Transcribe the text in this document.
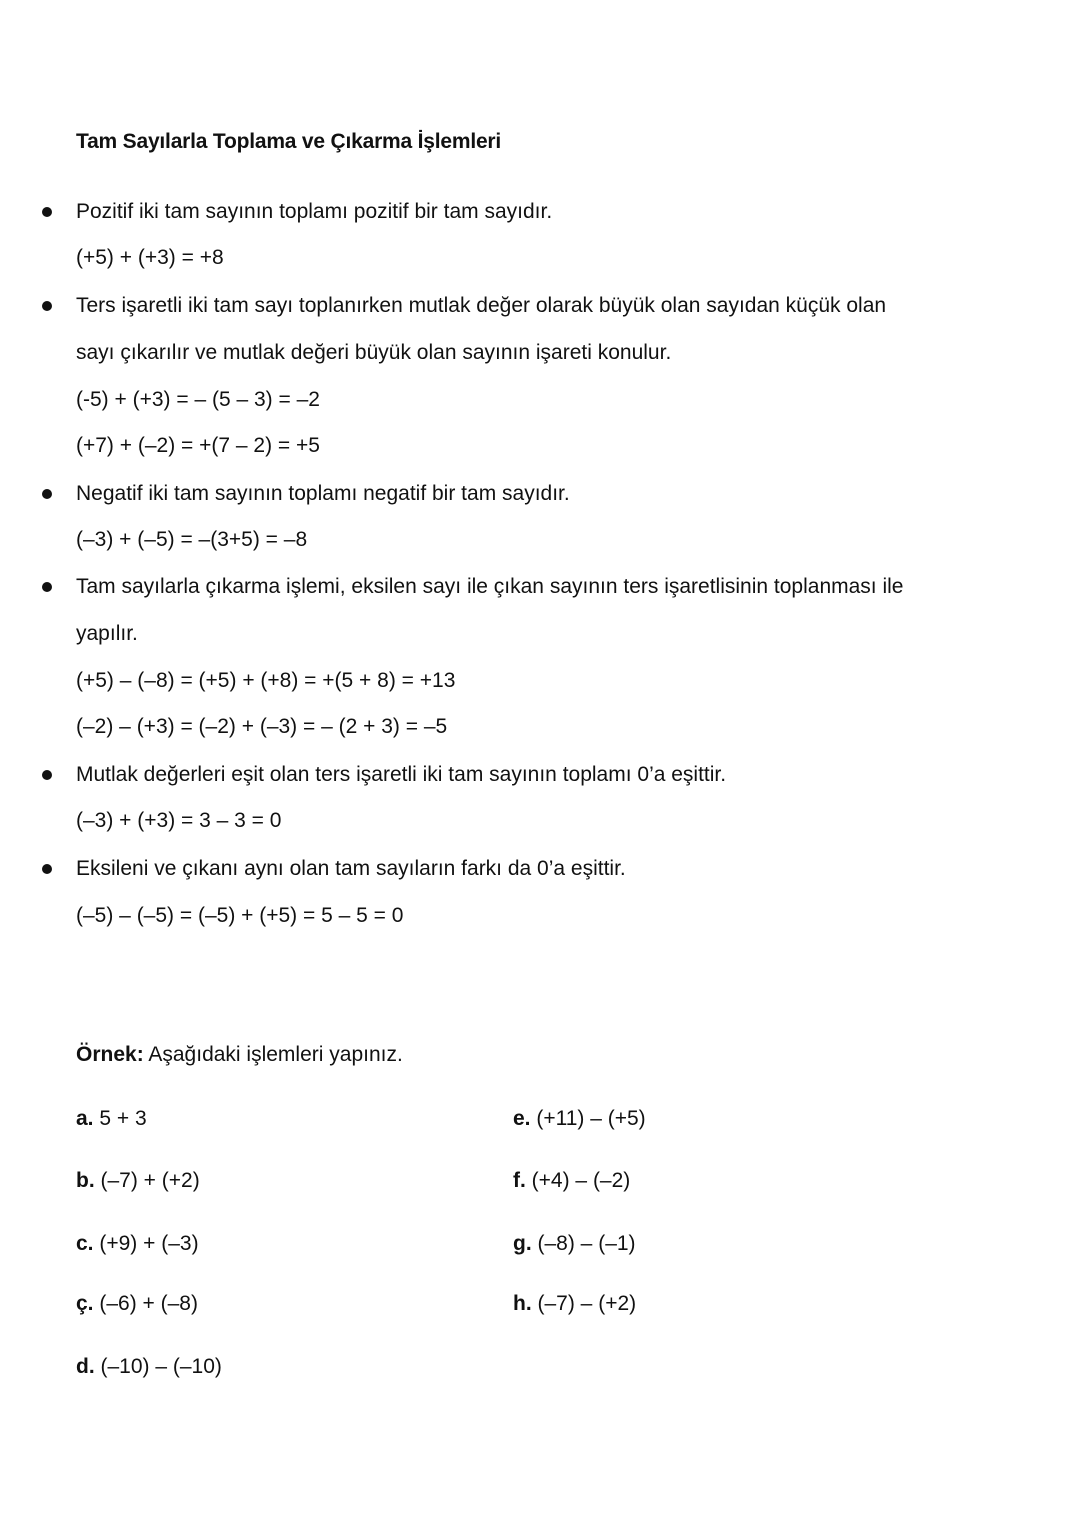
Tam Sayılarla Toplama ve Çıkarma İşlemleri
Pozitif iki tam sayının toplamı pozitif bir tam sayıdır.
(+5) + (+3) = +8
Ters işaretli iki tam sayı toplanırken mutlak değer olarak büyük olan sayıdan küçük olan
sayı çıkarılır ve mutlak değeri büyük olan sayının işareti konulur.
(-5) + (+3) = – (5 – 3) = –2
(+7) + (–2) = +(7 – 2) = +5
Negatif iki tam sayının toplamı negatif bir tam sayıdır.
(–3) + (–5) = –(3+5) = –8
Tam sayılarla çıkarma işlemi, eksilen sayı ile çıkan sayının ters işaretlisinin toplanması ile
yapılır.
(+5) – (–8) = (+5) + (+8) = +(5 + 8) = +13
(–2) – (+3) = (–2) + (–3) = – (2 + 3) = –5
Mutlak değerleri eşit olan ters işaretli iki tam sayının toplamı 0’a eşittir.
(–3) + (+3) = 3 – 3 = 0
Eksileni ve çıkanı aynı olan tam sayıların farkı da 0’a eşittir.
(–5) – (–5) = (–5) + (+5) = 5 – 5 = 0
Örnek: Aşağıdaki işlemleri yapınız.
a. 5 + 3
b. (–7) + (+2)
c. (+9) + (–3)
ç. (–6) + (–8)
d. (–10) – (–10)
e. (+11) – (+5)
f. (+4) – (–2)
g. (–8) – (–1)
h. (–7) – (+2)
